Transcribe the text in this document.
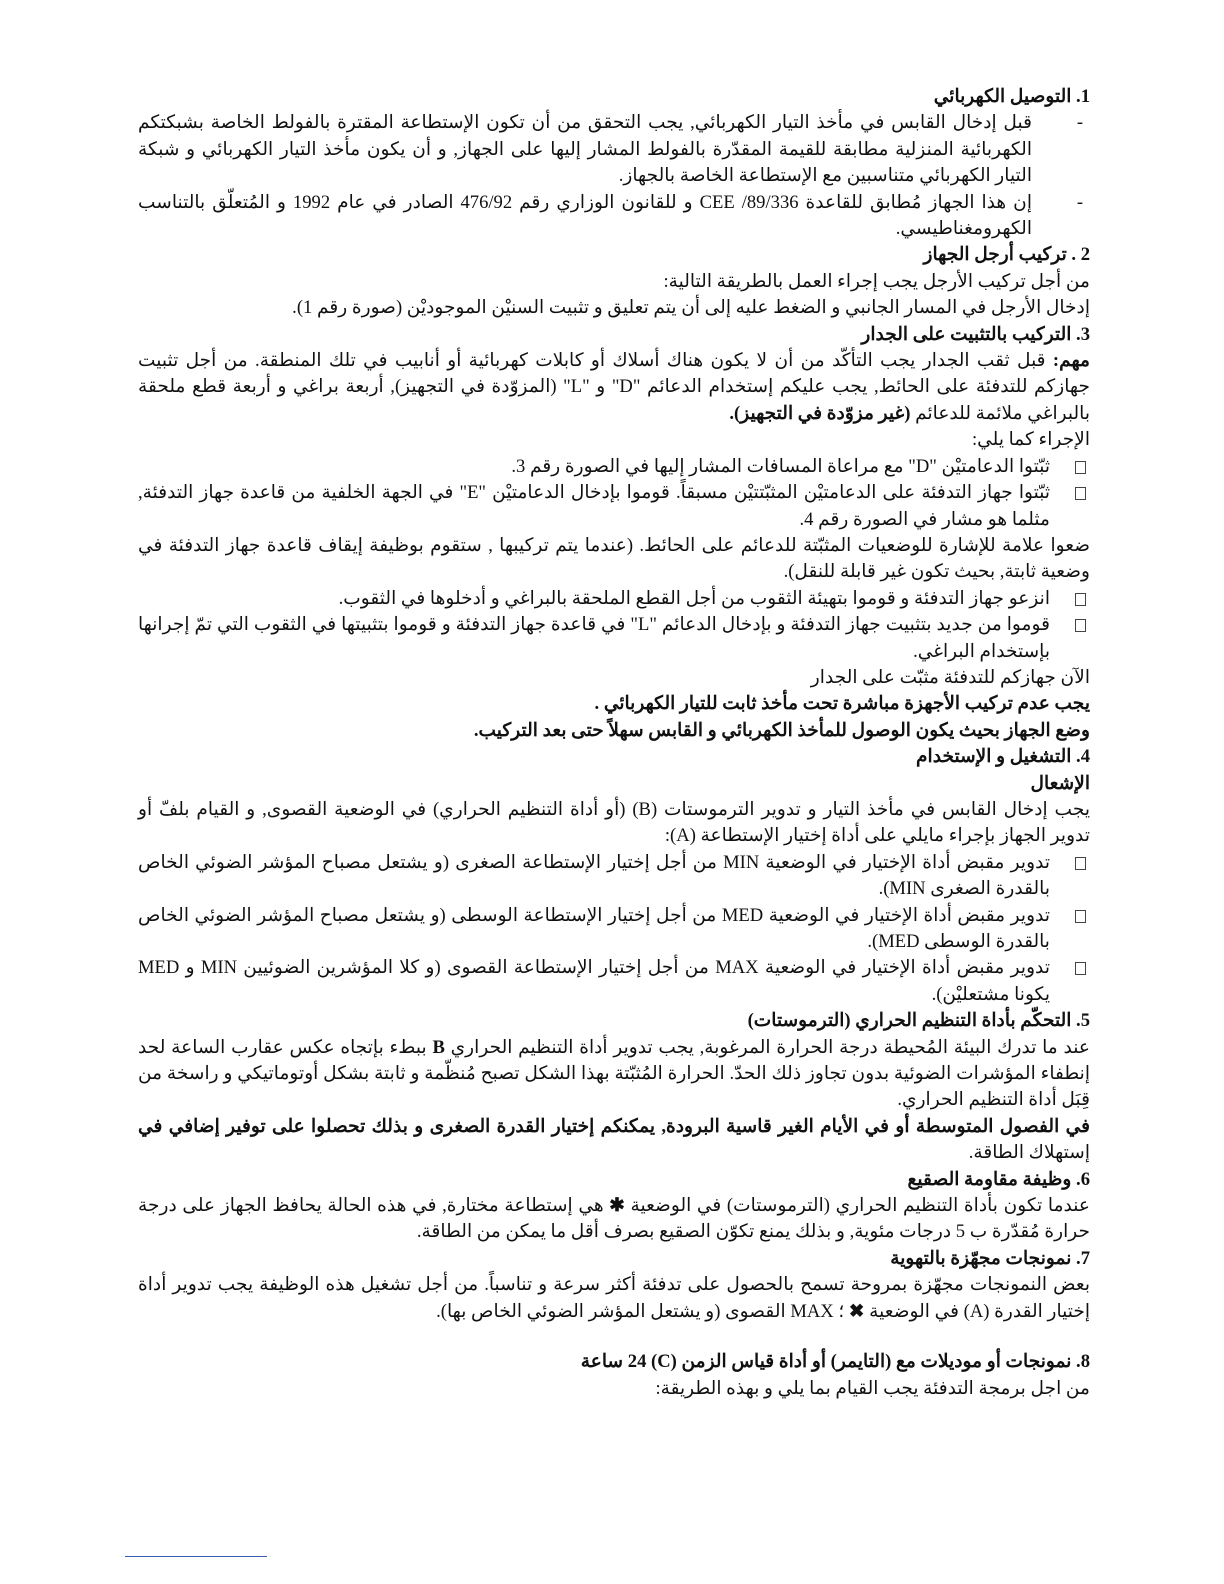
1. التوصيل الكهربائي

-
قبل إدخال القابس في مأخذ التيار الكهربائي, يجب التحقق من أن تكون الإستطاعة المقترة بالفولط الخاصة بشبكتكم الكهربائية المنزلية مطابقة للقيمة المقدّرة بالفولط المشار إليها على الجهاز, و أن يكون مأخذ التيار الكهربائي و شبكة التيار الكهربائي متناسبين مع الإستطاعة الخاصة بالجهاز.

-
إن هذا الجهاز مُطابق للقاعدة CEE /89/336 و للقانون الوزاري رقم 476/92 الصادر في عام 1992 و المُتعلّق بالتناسب الكهرومغناطيسي.

2 . تركيب أرجل الجهاز

من أجل تركيب الأرجل يجب إجراء العمل بالطريقة التالية:

إدخال الأرجل في المسار الجانبي و الضغط عليه إلى أن يتم تعليق و تثبيت السنيْن الموجوديْن (صورة رقم 1).

3. التركيب بالتثبيت على الجدار

مهم: قبل ثقب الجدار يجب التأكّد من أن لا يكون هناك أسلاك أو كابلات كهربائية أو أنابيب في تلك المنطقة. من أجل تثبيت جهازكم للتدفئة على الحائط, يجب عليكم إستخدام الدعائم "D" و "L" (المزوّدة في التجهيز), أربعة براغي و أربعة قطع ملحقة بالبراغي ملائمة للدعائم (غير مزوّدة في التجهيز).

الإجراء كما يلي:

ثبّتوا الدعامتيْن "D" مع مراعاة المسافات المشار إليها في الصورة رقم 3.

ثبّتوا جهاز التدفئة على الدعامتيْن المثبّتتيْن مسبقاً. قوموا بإدخال الدعامتيْن "E" في الجهة الخلفية من قاعدة جهاز التدفئة, مثلما هو مشار في الصورة رقم 4.

ضعوا علامة للإشارة للوضعيات المثبّتة للدعائم على الحائط. (عندما يتم تركيبها , ستقوم بوظيفة إيقاف قاعدة جهاز التدفئة في وضعية ثابتة, بحيث تكون غير قابلة للنقل).

انزعو جهاز التدفئة و قوموا بتهيئة الثقوب من أجل القطع الملحقة بالبراغي و أدخلوها في الثقوب.

قوموا من جديد بتثبيت جهاز التدفئة و بإدخال الدعائم "L" في قاعدة جهاز التدفئة و قوموا بتثبيتها في الثقوب التي تمّ إجرانها بإستخدام البراغي.

الآن جهازكم للتدفئة مثبّت على الجدار

يجب عدم تركيب الأجهزة مباشرة تحت مأخذ ثابت للتيار الكهربائي .

وضع الجهاز بحيث يكون الوصول للمأخذ الكهربائي و القابس سهلاً حتى بعد التركيب.

4. التشغيل و الإستخدام

الإشعال

يجب إدخال القابس في مأخذ التيار و تدوير الترموستات (B) (أو أداة التنظيم الحراري) في الوضعية القصوى, و القيام بلفّ أو تدوير الجهاز بإجراء مايلي على أداة إختيار الإستطاعة (A):

تدوير مقبض أداة الإختيار في الوضعية MIN من أجل إختيار الإستطاعة الصغرى (و يشتعل مصباح المؤشر الضوئي الخاص بالقدرة الصغرى MIN).

تدوير مقبض أداة الإختيار في الوضعية MED من أجل إختيار الإستطاعة الوسطى (و يشتعل مصباح المؤشر الضوئي الخاص بالقدرة الوسطى MED).

تدوير مقبض أداة الإختيار في الوضعية MAX من أجل إختيار الإستطاعة القصوى (و كلا المؤشرين الضوئيين MIN و MED يكونا مشتعليْن).

5. التحكّم بأداة التنظيم الحراري (الترموستات)

عند ما تدرك البيئة المُحيطة درجة الحرارة المرغوبة, يجب تدوير أداة التنظيم الحراري B ببطء بإتجاه عكس عقارب الساعة لحد إنطفاء المؤشرات الضوئية بدون تجاوز ذلك الحدّ. الحرارة المُثبّتة بهذا الشكل تصبح مُنظّمة و ثابتة بشكل أوتوماتيكي و راسخة من قِبَل أداة التنظيم الحراري.

في الفصول المتوسطة أو في الأيام الغير قاسية البرودة, يمكنكم إختيار القدرة الصغرى و بذلك تحصلوا على توفير إضافي في إستهلاك الطاقة.

6. وظيفة مقاومة الصقيع

عندما تكون بأداة التنظيم الحراري (الترموستات) في الوضعية ✱ هي إستطاعة مختارة, في هذه الحالة يحافظ الجهاز على درجة حرارة مُقدّرة ب 5 درجات مئوية, و بذلك يمنع تكوّن الصقيع بصرف أقل ما يمكن من الطاقة.

7. نمونجات مجهّزة بالتهوية

بعض النمونجات مجهّزة بمروحة تسمح بالحصول على تدفئة أكثر سرعة و تناسباً. من أجل تشغيل هذه الوظيفة يجب تدوير أداة إختيار القدرة (A) في الوضعية ✖ ؛ MAX القصوى (و يشتعل المؤشر الضوئي الخاص بها).

8. نمونجات أو موديلات مع (التايمر) أو أداة قياس الزمن (C) 24 ساعة

من اجل برمجة التدفئة يجب القيام بما يلي و بهذه الطريقة:
